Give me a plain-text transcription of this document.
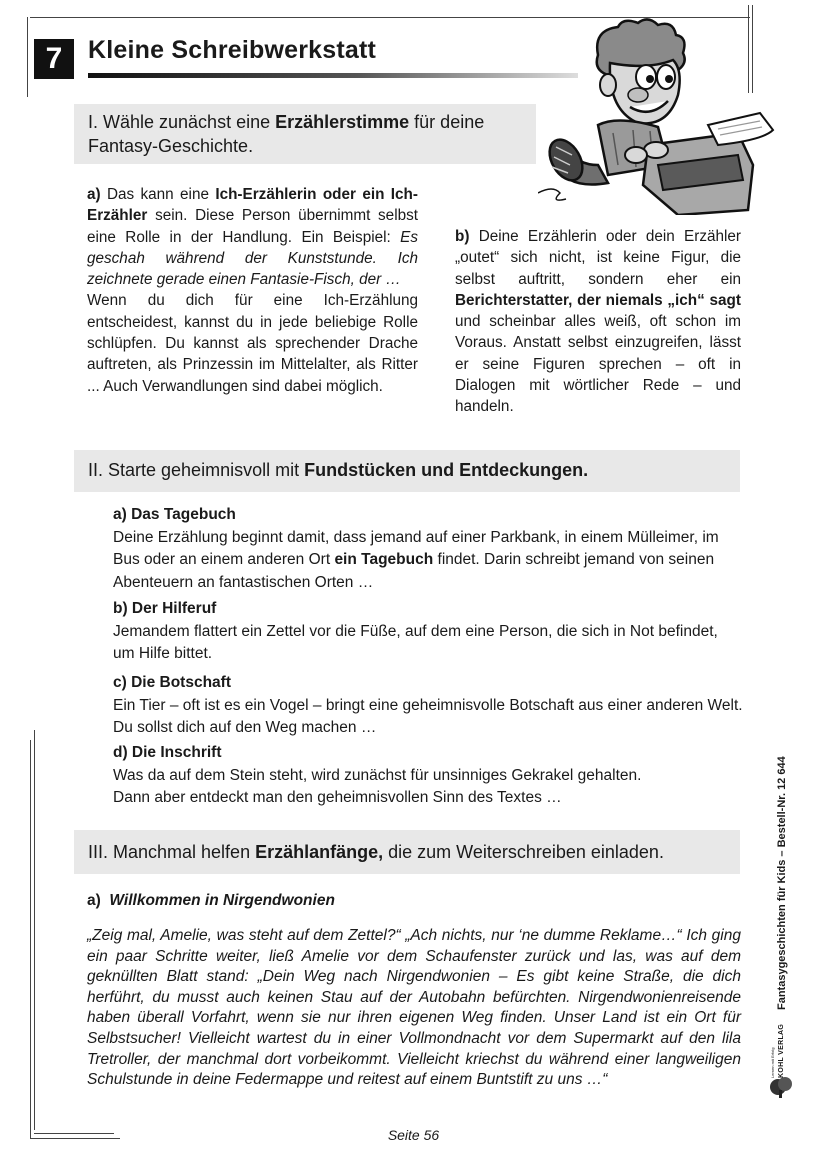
7	Kleine Schreibwerkstatt
I. Wähle zunächst eine Erzählerstimme für deine Fantasy-Geschichte.
a) Das kann eine Ich-Erzählerin oder ein Ich-Erzähler sein. Diese Person übernimmt selbst eine Rolle in der Handlung. Ein Beispiel: Es geschah während der Kunststunde. Ich zeichnete gerade einen Fantasie-Fisch, der …
Wenn du dich für eine Ich-Erzählung entscheidest, kannst du in jede beliebige Rolle schlüpfen. Du kannst als sprechender Drache auftreten, als Prinzessin im Mittelalter, als Ritter ... Auch Verwandlungen sind dabei möglich.
b) Deine Erzählerin oder dein Erzähler „outet“ sich nicht, ist keine Figur, die selbst auftritt, sondern eher ein Berichterstatter, der niemals „ich“ sagt und scheinbar alles weiß, oft schon im Voraus. Anstatt selbst einzugreifen, lässt er seine Figuren sprechen – oft in Dialogen mit wörtlicher Rede – und handeln.
II. Starte geheimnisvoll mit Fundstücken und Entdeckungen.
a) Das Tagebuch
Deine Erzählung beginnt damit, dass jemand auf einer Parkbank, in einem Mülleimer, im Bus oder an einem anderen Ort ein Tagebuch findet. Darin schreibt jemand von seinen Abenteuern an fantastischen Orten …
b) Der Hilferuf
Jemandem flattert ein Zettel vor die Füße, auf dem eine Person, die sich in Not befindet, um Hilfe bittet.
c) Die Botschaft
Ein Tier – oft ist es ein Vogel – bringt eine geheimnisvolle Botschaft aus einer anderen Welt. Du sollst dich auf den Weg machen …
d) Die Inschrift
Was da auf dem Stein steht, wird zunächst für unsinniges Gekrakel gehalten.
Dann aber entdeckt man den geheimnisvollen Sinn des Textes …
III. Manchmal helfen Erzählanfänge, die zum Weiterschreiben einladen.
a) Willkommen in Nirgendwonien
„Zeig mal, Amelie, was steht auf dem Zettel?“ „Ach nichts, nur ‘ne dumme Reklame…“ Ich ging ein paar Schritte weiter, ließ Amelie vor dem Schaufenster zurück und las, was auf dem geknüllten Blatt stand: „Dein Weg nach Nirgendwonien – Es gibt keine Straße, die dich herführt, du musst auch keinen Stau auf der Autobahn befürchten. Nirgendwonienreisende haben überall Vorfahrt, wenn sie nur ihren eigenen Weg finden. Unser Land ist ein Ort für Selbstsucher! Vielleicht wartest du in einer Vollmondnacht vor dem Supermarkt auf den lila Tretroller, der manchmal dort vorbeikommt. Vielleicht kriechst du während einer langweiligen Schulstunde in deine Federmappe und reitest auf einem Buntstift zu uns …“
Seite 56
Fantasygeschichten für Kids – Bestell-Nr. 12 644
KOHL VERLAG
Lernen mit Erfolg
